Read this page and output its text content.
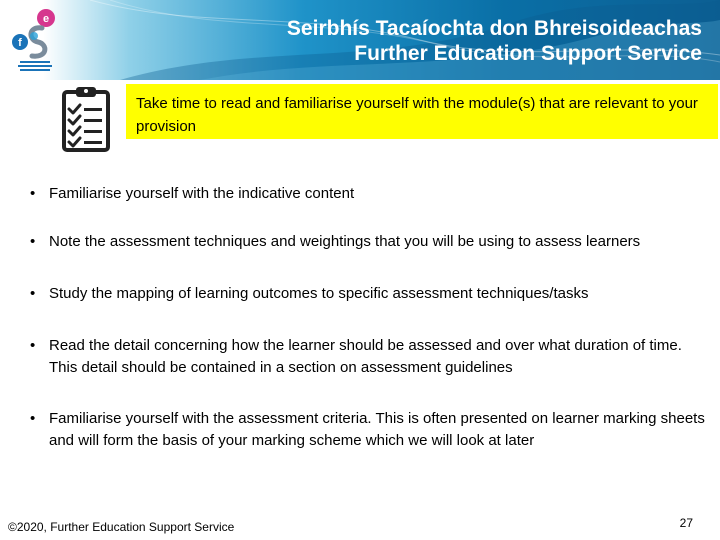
e
f
Seirbhís Tacaíochta don Bhreisoideachas
Further Education Support Service
Take time to read and familiarise yourself with the module(s) that are relevant to your provision
• Familiarise yourself with the indicative content
• Note the assessment techniques and weightings that you will be using to assess learners
• Study the mapping of learning outcomes to specific assessment techniques/tasks
• Read the detail concerning how the learner should be assessed and over what duration of time. This detail should be contained in a section on assessment guidelines
• Familiarise yourself with the assessment criteria. This is often presented on learner marking sheets and will form the basis of your marking scheme which we will look at later
©2020, Further Education Support Service	27
